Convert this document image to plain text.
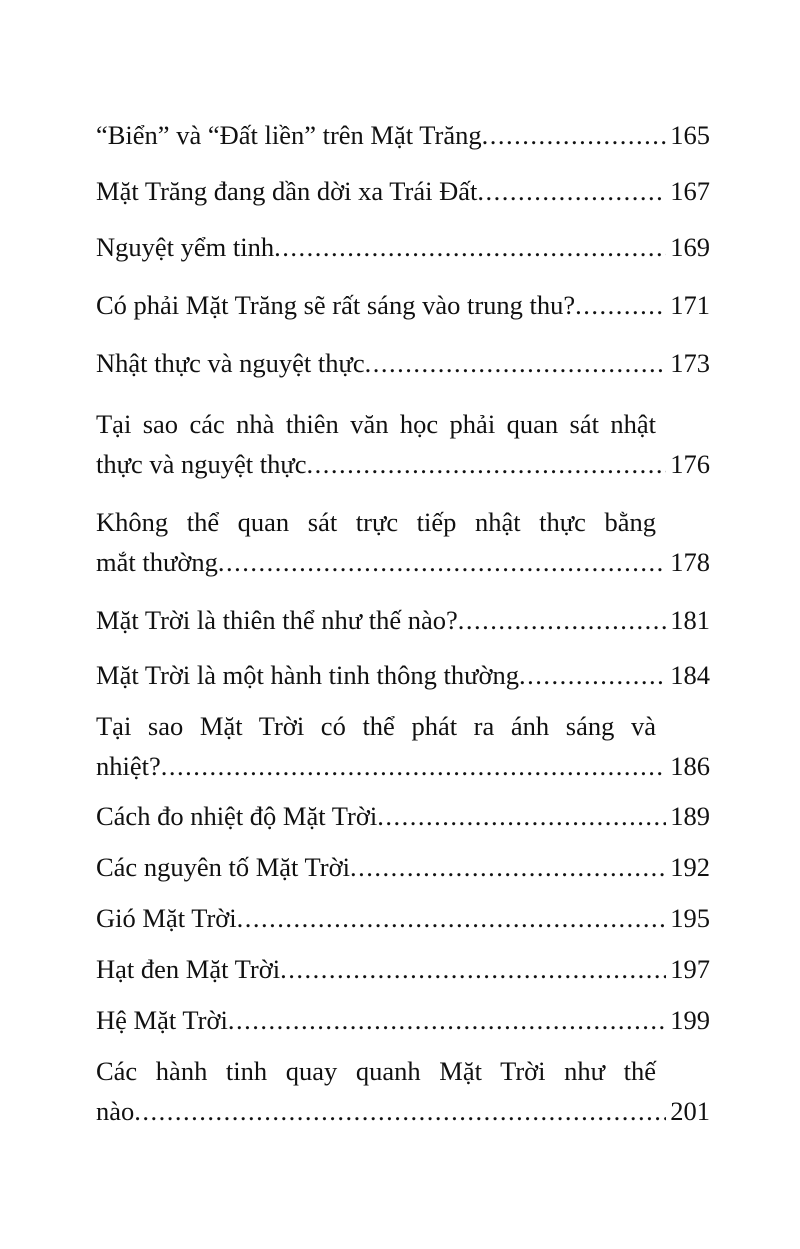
“Biển” và “Đất liền” trên Mặt Trăng .....	165
Mặt Trăng đang dần dời xa Trái Đất .....	167
Nguyệt yểm tinh .....	169
Có phải Mặt Trăng sẽ rất sáng vào trung thu? .....	171
Nhật thực và nguyệt thực .....	173
Tại sao các nhà thiên văn học phải quan sát nhật
thực và nguyệt thực .....	176
Không thể quan sát trực tiếp nhật thực bằng
mắt thường .....	178
Mặt Trời là thiên thể như thế nào? .....	181
Mặt Trời là một hành tinh thông thường .....	184
Tại sao Mặt Trời có thể phát ra ánh sáng và
nhiệt? .....	186
Cách đo nhiệt độ Mặt Trời .....	189
Các nguyên tố Mặt Trời .....	192
Gió Mặt Trời .....	195
Hạt đen Mặt Trời .....	197
Hệ Mặt Trời .....	199
Các hành tinh quay quanh Mặt Trời như thế
nào .....	201
